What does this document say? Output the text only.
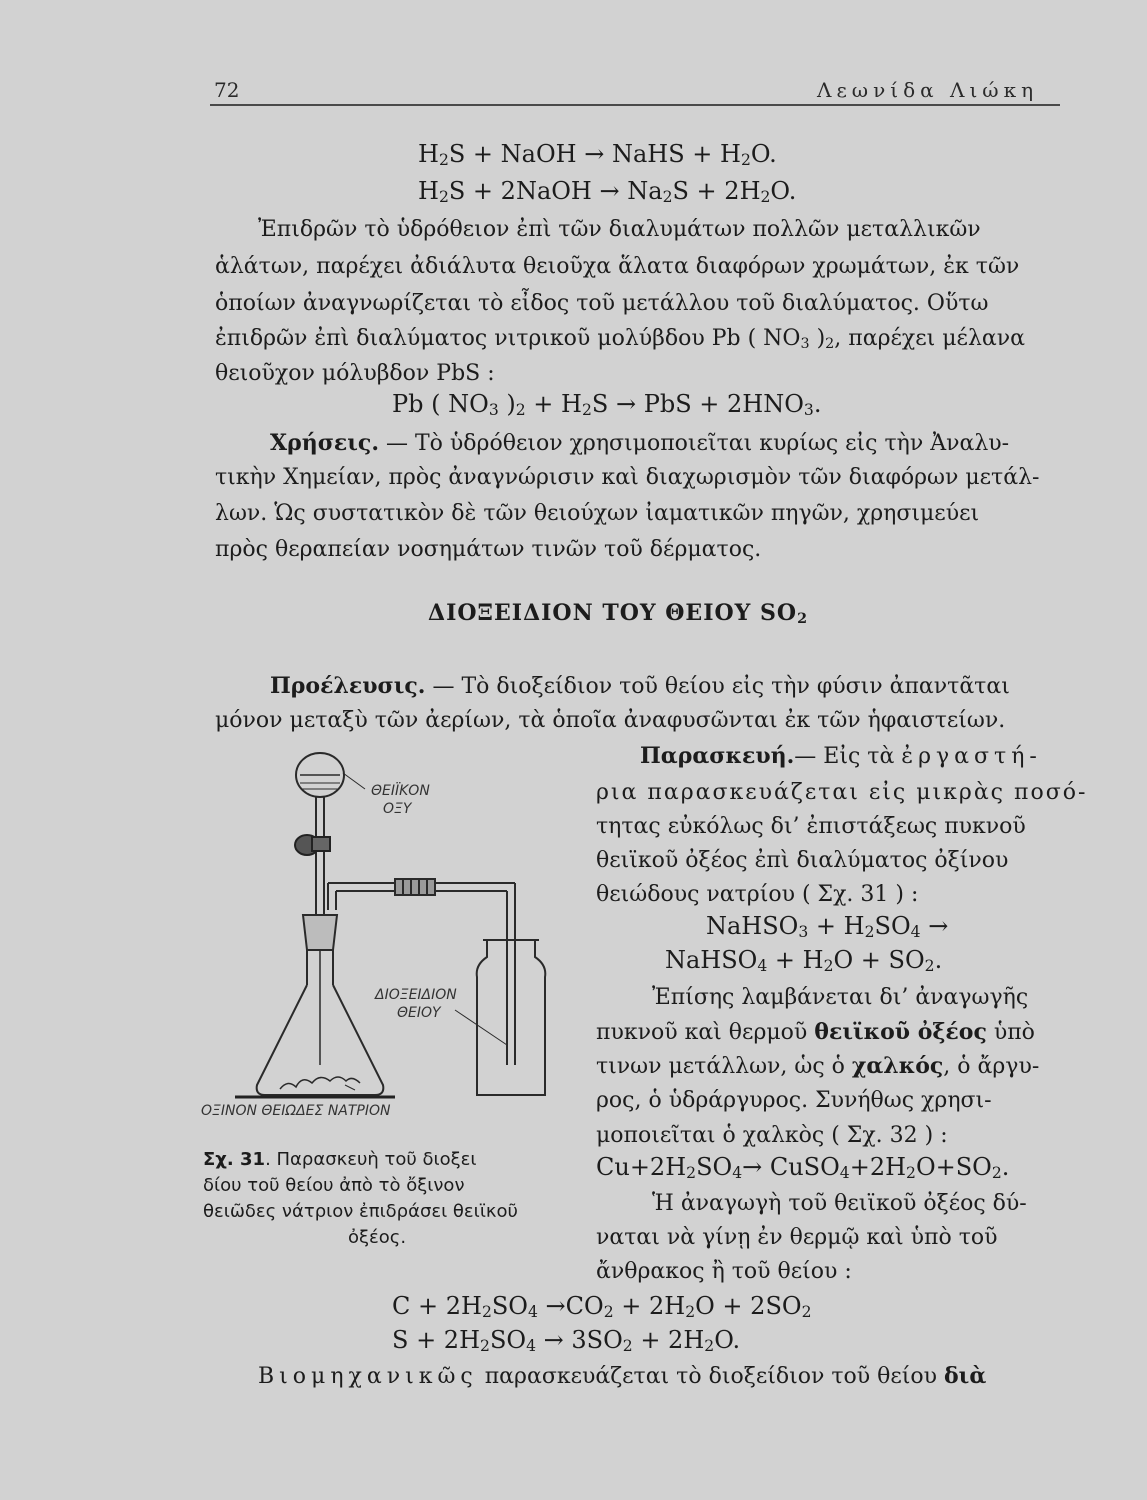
72	Λεωνίδα Λιώκη
$H_2S$ + NaOH → NaHS + $H_2O$.
$H_2S$ + 2NaOH → $Na_2S + 2H_2O$.
Ἐπιδρῶν τὸ ὑδρόθειον ἐπὶ τῶν διαλυμάτων πολλῶν μεταλλικῶν
ἁλάτων, παρέχει ἀδιάλυτα θειοῦχα ἅλατα διαφόρων χρωμάτων, ἐκ τῶν
ὁποίων ἀναγνωρίζεται τὸ εἶδος τοῦ μετάλλου τοῦ διαλύματος. Οὕτω
ἐπιδρῶν ἐπὶ διαλύματος νιτρικοῦ μολύβδου Pb ( $NO_3$ )$_2$, παρέχει μέλανα
θειοῦχον μόλυβδον PbS :
Pb ( $NO_3$ )$_2 + H_2S$ → PbS + $2HNO_3$.
Χρήσεις. — Τὸ ὑδρόθειον χρησιμοποιεῖται κυρίως εἰς τὴν Ἀναλυ-
τικὴν Χημείαν, πρὸς ἀναγνώρισιν καὶ διαχωρισμὸν τῶν διαφόρων μετάλ-
λων. Ὡς συστατικὸν δὲ τῶν θειούχων ἰαματικῶν πηγῶν, χρησιμεύει
πρὸς θεραπείαν νοσημάτων τινῶν τοῦ δέρματος.
ΔΙΟΞΕΙΔΙΟΝ ΤΟΥ ΘΕΙΟΥ $SO_2$
Προέλευσις. — Τὸ διοξείδιον τοῦ θείου εἰς τὴν φύσιν ἀπαντᾶται
μόνον μεταξὺ τῶν ἀερίων, τὰ ὁποῖα ἀναφυσῶνται ἐκ τῶν ἡφαιστείων.
Παρασκευή.— Εἰς τὰ ἐργαστή-
ρια παρασκευάζεται εἰς μικρὰς ποσό-
τητας εὐκόλως δι’ ἐπιστάξεως πυκνοῦ
θειϊκοῦ ὀξέος ἐπὶ διαλύματος ὀξίνου
θειώδους νατρίου ( Σχ. 31 ) :
NaHSO$_3$ + $H_2SO_4$ →
NaHSO$_4$ + $H_2O + SO_2$.
Ἐπίσης λαμβάνεται δι’ ἀναγωγῆς
πυκνοῦ καὶ θερμοῦ θειϊκοῦ ὀξέος ὑπὸ
τινων μετάλλων, ὡς ὁ χαλκός, ὁ ἄργυ-
ρος, ὁ ὑδράργυρος. Συνήθως χρησι-
μοποιεῖται ὁ χαλκὸς ( Σχ. 32 ) :
$Cu+2H_2SO_4\to$ $CuSO_4+2H_2O+SO_2$.
Ἡ ἀναγωγὴ τοῦ θειϊκοῦ ὀξέος δύ-
ναται νὰ γίνῃ ἐν θερμῷ καὶ ὑπὸ τοῦ
ἄνθρακος ἢ τοῦ θείου :
ΘΕΙΪΚΟΝ
ΟΞΥ
ΔΙΟΞΕΙΔΙΟΝ
ΘΕΙΟΥ
ΟΞΙΝΟΝ ΘΕΙΩΔΕΣ ΝΑΤΡΙΟΝ
Σχ. 31. Παρασκευὴ τοῦ διοξει
δίου τοῦ θείου ἀπὸ τὸ ὄξινον
θειῶδες νάτριον ἐπιδράσει θειϊκοῦ
ὀξέος.
$C + 2H_2SO_4 \to CO_2 + 2H_2O + 2SO_2$
$S + 2H_2SO_4 \to 3SO_2 + 2H_2O$.
Βιομηχανικῶς παρασκευάζεται τὸ διοξείδιον τοῦ θείου διὰ
